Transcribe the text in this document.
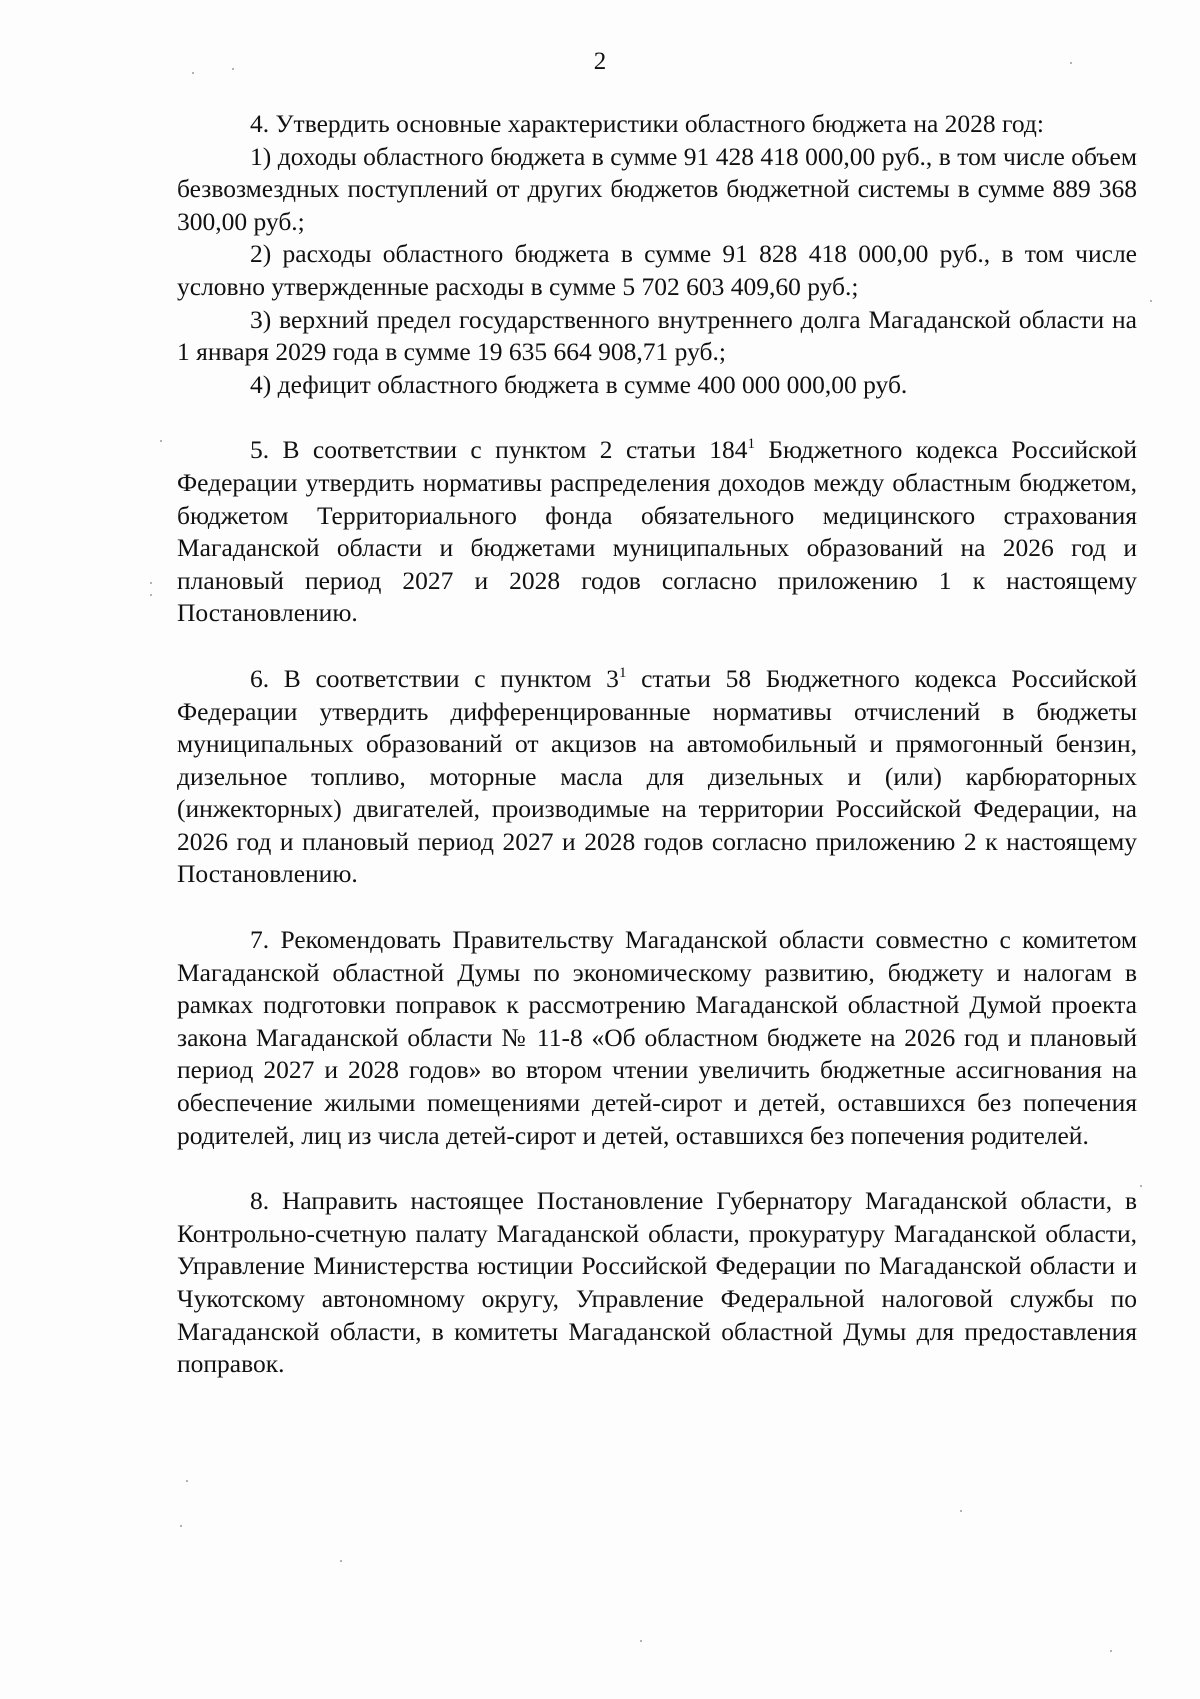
2

4. Утвердить основные характеристики областного бюджета на 2028 год:

1) доходы областного бюджета в сумме 91 428 418 000,00 руб., в том числе объем безвозмездных поступлений от других бюджетов бюджетной системы в сумме 889 368 300,00 руб.;

2) расходы областного бюджета в сумме 91 828 418 000,00 руб., в том числе условно утвержденные расходы в сумме 5 702 603 409,60 руб.;

3) верхний предел государственного внутреннего долга Магаданской области на 1 января 2029 года в сумме 19 635 664 908,71 руб.;

4) дефицит областного бюджета в сумме 400 000 000,00 руб.

5. В соответствии с пунктом 2 статьи $184^1$ Бюджетного кодекса Российской Федерации утвердить нормативы распределения доходов между областным бюджетом, бюджетом Территориального фонда обязательного медицинского страхования Магаданской области и бюджетами муниципальных образований на 2026 год и плановый период 2027 и 2028 годов согласно приложению 1 к настоящему Постановлению.

6. В соответствии с пунктом $3^1$ статьи 58 Бюджетного кодекса Российской Федерации утвердить дифференцированные нормативы отчислений в бюджеты муниципальных образований от акцизов на автомобильный и прямогонный бензин, дизельное топливо, моторные масла для дизельных и (или) карбюраторных (инжекторных) двигателей, производимые на территории Российской Федерации, на 2026 год и плановый период 2027 и 2028 годов согласно приложению 2 к настоящему Постановлению.

7. Рекомендовать Правительству Магаданской области совместно с комитетом Магаданской областной Думы по экономическому развитию, бюджету и налогам в рамках подготовки поправок к рассмотрению Магаданской областной Думой проекта закона Магаданской области № 11-8 «Об областном бюджете на 2026 год и плановый период 2027 и 2028 годов» во втором чтении увеличить бюджетные ассигнования на обеспечение жилыми помещениями детей-сирот и детей, оставшихся без попечения родителей, лиц из числа детей-сирот и детей, оставшихся без попечения родителей.

8. Направить настоящее Постановление Губернатору Магаданской области, в Контрольно-счетную палату Магаданской области, прокуратуру Магаданской области, Управление Министерства юстиции Российской Федерации по Магаданской области и Чукотскому автономному округу, Управление Федеральной налоговой службы по Магаданской области, в комитеты Магаданской областной Думы для предоставления поправок.
